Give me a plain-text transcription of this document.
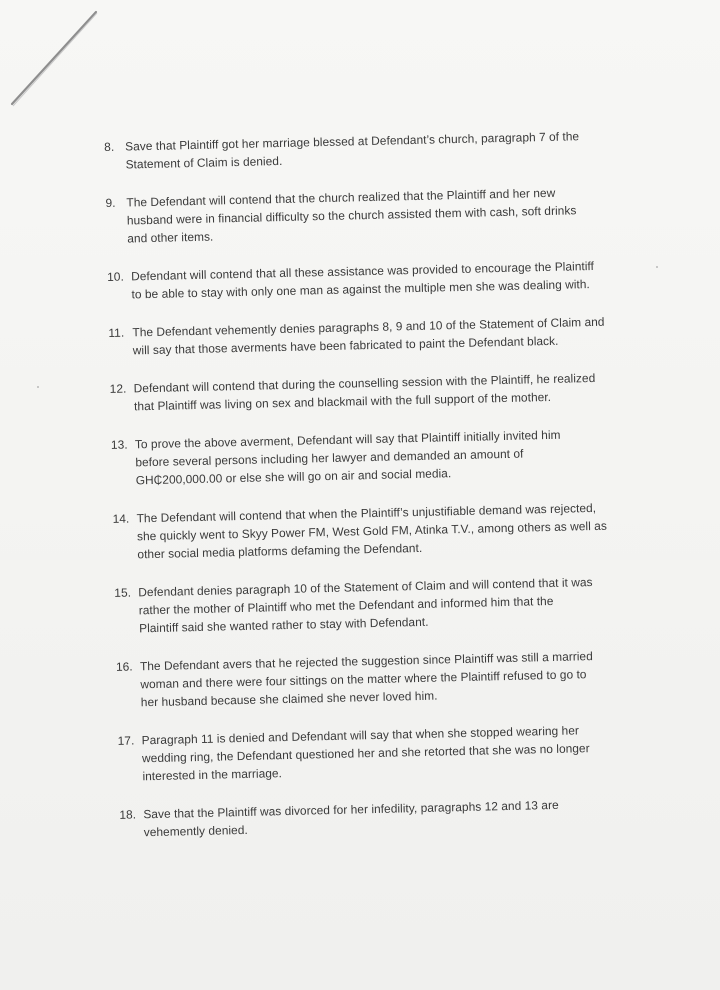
8. Save that Plaintiff got her marriage blessed at Defendant’s church, paragraph 7 of the
Statement of Claim is denied.
9. The Defendant will contend that the church realized that the Plaintiff and her new
husband were in financial difficulty so the church assisted them with cash, soft drinks
and other items.
10. Defendant will contend that all these assistance was provided to encourage the Plaintiff
to be able to stay with only one man as against the multiple men she was dealing with.
11. The Defendant vehemently denies paragraphs 8, 9 and 10 of the Statement of Claim and
will say that those averments have been fabricated to paint the Defendant black.
12. Defendant will contend that during the counselling session with the Plaintiff, he realized
that Plaintiff was living on sex and blackmail with the full support of the mother.
13. To prove the above averment, Defendant will say that Plaintiff initially invited him
before several persons including her lawyer and demanded an amount of
GH₵200,000.00 or else she will go on air and social media.
14. The Defendant will contend that when the Plaintiff’s unjustifiable demand was rejected,
she quickly went to Skyy Power FM, West Gold FM, Atinka T.V., among others as well as
other social media platforms defaming the Defendant.
15. Defendant denies paragraph 10 of the Statement of Claim and will contend that it was
rather the mother of Plaintiff who met the Defendant and informed him that the
Plaintiff said she wanted rather to stay with Defendant.
16. The Defendant avers that he rejected the suggestion since Plaintiff was still a married
woman and there were four sittings on the matter where the Plaintiff refused to go to
her husband because she claimed she never loved him.
17. Paragraph 11 is denied and Defendant will say that when she stopped wearing her
wedding ring, the Defendant questioned her and she retorted that she was no longer
interested in the marriage.
18. Save that the Plaintiff was divorced for her infedility, paragraphs 12 and 13 are
vehemently denied.
